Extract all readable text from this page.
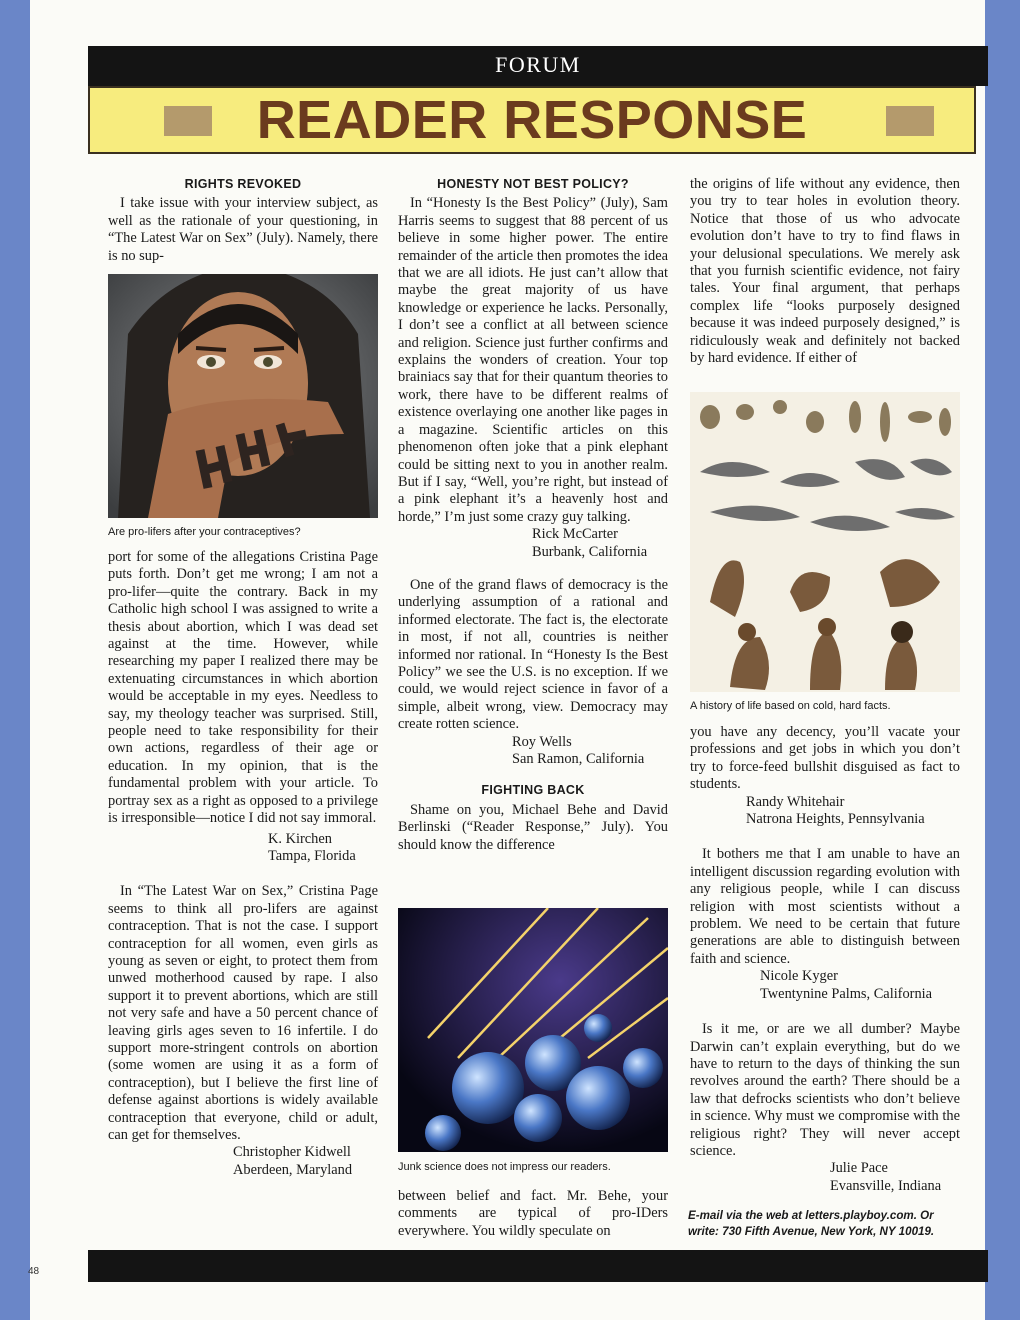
FORUM
READER RESPONSE
RIGHTS REVOKED

I take issue with your interview subject, as well as the rationale of your questioning, in “The Latest War on Sex” (July). Namely, there is no sup-

Are pro-lifers after your contraceptives?

port for some of the allegations Cristina Page puts forth. Don’t get me wrong; I am not a pro-lifer—quite the contrary. Back in my Catholic high school I was assigned to write a thesis about abortion, which I was dead set against at the time. However, while researching my paper I realized there may be extenuating circumstances in which abortion would be acceptable in my eyes. Needless to say, my theology teacher was surprised. Still, people need to take responsibility for their own actions, regardless of their age or education. In my opinion, that is the fundamental problem with your article. To portray sex as a right as opposed to a privilege is irresponsible—notice I did not say immoral.

K. Kirchen
Tampa, Florida

In “The Latest War on Sex,” Cristina Page seems to think all pro-lifers are against contraception. That is not the case. I support contraception for all women, even girls as young as seven or eight, to protect them from unwed motherhood caused by rape. I also support it to prevent abortions, which are still not very safe and have a 50 percent chance of leaving girls ages seven to 16 infertile. I do support more-stringent controls on abortion (some women are using it as a form of contraception), but I believe the first line of defense against abortions is widely available contraception that everyone, child or adult, can get for themselves.

Christopher Kidwell
Aberdeen, Maryland
HONESTY NOT BEST POLICY?

In “Honesty Is the Best Policy” (July), Sam Harris seems to suggest that 88 percent of us believe in some higher power. The entire remainder of the article then promotes the idea that we are all idiots. He just can’t allow that maybe the great majority of us have knowledge or experience he lacks. Personally, I don’t see a conflict at all between science and religion. Science just further confirms and explains the wonders of creation. Your top brainiacs say that for their quantum theories to work, there have to be different realms of existence overlaying one another like pages in a magazine. Scientific articles on this phenomenon often joke that a pink elephant could be sitting next to you in another realm. But if I say, “Well, you’re right, but instead of a pink elephant it’s a heavenly host and horde,” I’m just some crazy guy talking.

Rick McCarter
Burbank, California

One of the grand flaws of democracy is the underlying assumption of a rational and informed electorate. The fact is, the electorate in most, if not all, countries is neither informed nor rational. In “Honesty Is the Best Policy” we see the U.S. is no exception. If we could, we would reject science in favor of a simple, albeit wrong, view. Democracy may create rotten science.

Roy Wells
San Ramon, California
FIGHTING BACK

Shame on you, Michael Behe and David Berlinski (“Reader Response,” July). You should know the difference

Junk science does not impress our readers.

between belief and fact. Mr. Behe, your comments are typical of pro-IDers everywhere. You wildly speculate on

the origins of life without any evidence, then you try to tear holes in evolution theory. Notice that those of us who advocate evolution don’t have to try to find flaws in your delusional speculations. We merely ask that you furnish scientific evidence, not fairy tales. Your final argument, that perhaps complex life “looks purposely designed because it was indeed purposely designed,” is ridiculously weak and definitely not backed by hard evidence. If either of

A history of life based on cold, hard facts.

you have any decency, you’ll vacate your professions and get jobs in which you don’t try to force-feed bullshit disguised as fact to students.

Randy Whitehair
Natrona Heights, Pennsylvania

It bothers me that I am unable to have an intelligent discussion regarding evolution with any religious people, while I can discuss religion with most scientists without a problem. We need to be certain that future generations are able to distinguish between faith and science.

Nicole Kyger
Twentynine Palms, California

Is it me, or are we all dumber? Maybe Darwin can’t explain everything, but do we have to return to the days of thinking the sun revolves around the earth? There should be a law that defrocks scientists who don’t believe in science. Why must we compromise with the religious right? They will never accept science.

Julie Pace
Evansville, Indiana
E-mail via the web at letters.playboy.com. Or write: 730 Fifth Avenue, New York, NY 10019.
48
